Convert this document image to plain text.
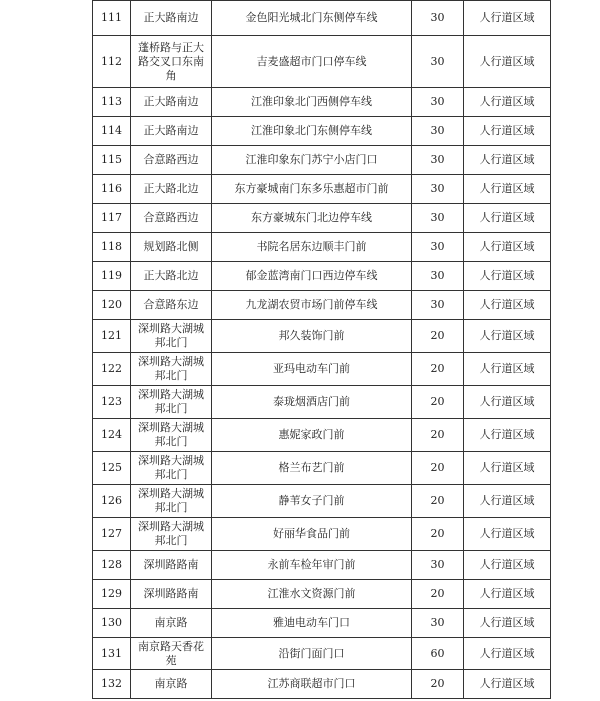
111	正大路南边	金色阳光城北门东侧停车线	30	人行道区域
112	蓬桥路与正大路交叉口东南角	吉麦盛超市门口停车线	30	人行道区域
113	正大路南边	江淮印象北门西侧停车线	30	人行道区域
114	正大路南边	江淮印象北门东侧停车线	30	人行道区域
115	合意路西边	江淮印象东门苏宁小店门口	30	人行道区域
116	正大路北边	东方豪城南门东多乐惠超市门前	30	人行道区域
117	合意路西边	东方豪城东门北边停车线	30	人行道区域
118	规划路北侧	书院名居东边顺丰门前	30	人行道区域
119	正大路北边	郁金蓝湾南门口西边停车线	30	人行道区域
120	合意路东边	九龙湖农贸市场门前停车线	30	人行道区域
121	深圳路大湖城邦北门	邦久装饰门前	20	人行道区域
122	深圳路大湖城邦北门	亚玛电动车门前	20	人行道区域
123	深圳路大湖城邦北门	泰珑烟酒店门前	20	人行道区域
124	深圳路大湖城邦北门	惠妮家政门前	20	人行道区域
125	深圳路大湖城邦北门	格兰布艺门前	20	人行道区域
126	深圳路大湖城邦北门	静苇女子门前	20	人行道区域
127	深圳路大湖城邦北门	好丽华食品门前	20	人行道区域
128	深圳路路南	永前车检年审门前	30	人行道区域
129	深圳路路南	江淮水文资源门前	20	人行道区域
130	南京路	雅迪电动车门口	30	人行道区域
131	南京路天香花苑	沿街门面门口	60	人行道区域
132	南京路	江苏商联超市门口	20	人行道区域
